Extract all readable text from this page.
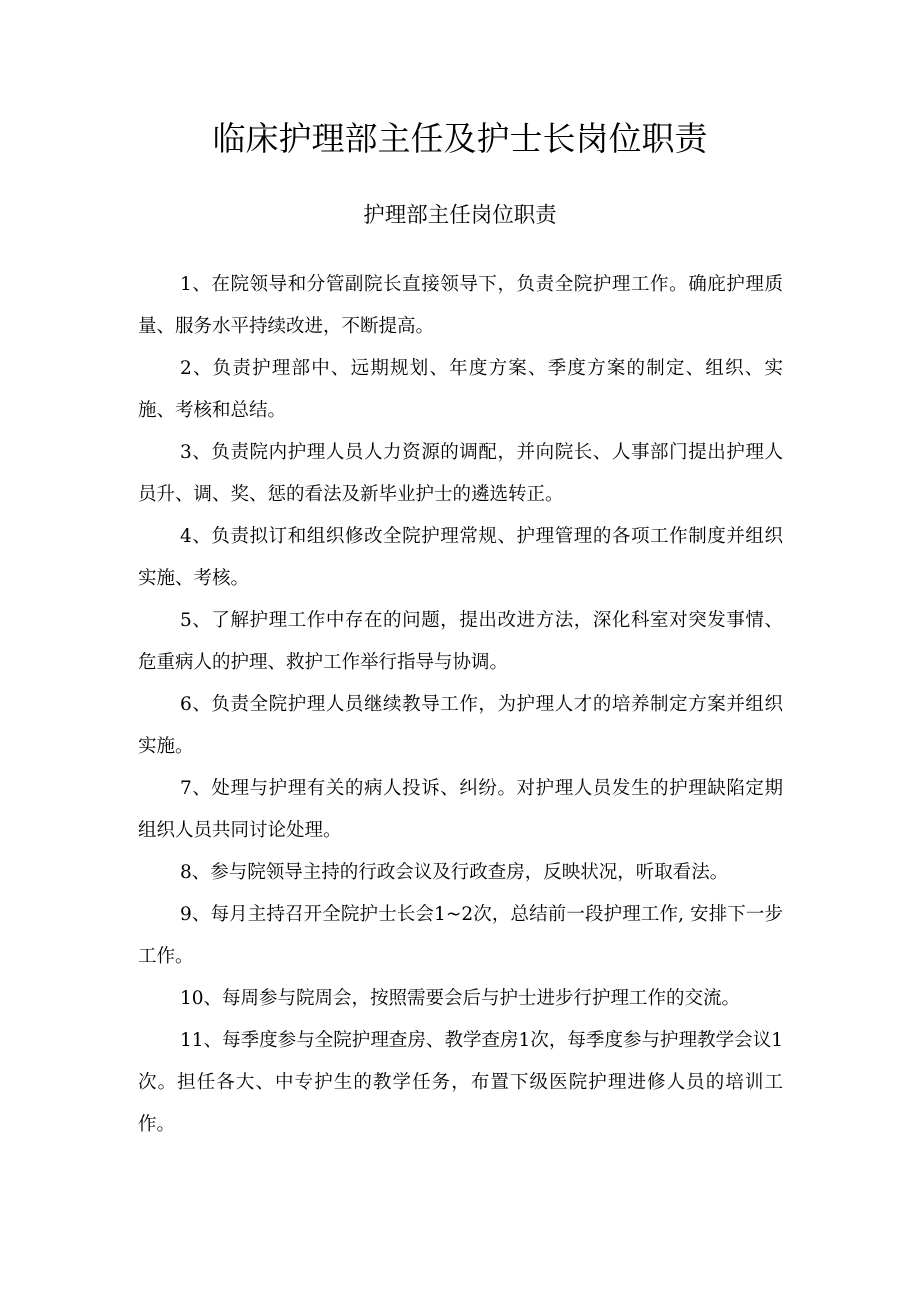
临床护理部主任及护士长岗位职责
护理部主任岗位职责

1、在院领导和分管副院长直接领导下，负责全院护理工作。确庇护理质量、服务水平持续改进，不断提高。

2、负责护理部中、远期规划、年度方案、季度方案的制定、组织、实施、考核和总结。

3、负责院内护理人员人力资源的调配，并向院长、人事部门提出护理人员升、调、奖、惩的看法及新毕业护士的遴选转正。

4、负责拟订和组织修改全院护理常规、护理管理的各项工作制度并组织实施、考核。

5、了解护理工作中存在的问题，提出改进方法，深化科室对突发事情、危重病人的护理、救护工作举行指导与协调。

6、负责全院护理人员继续教导工作，为护理人才的培养制定方案并组织实施。

7、处理与护理有关的病人投诉、纠纷。对护理人员发生的护理缺陷定期组织人员共同讨论处理。

8、参与院领导主持的行政会议及行政查房，反映状况，听取看法。

9、每月主持召开全院护士长会1~2次，总结前一段护理工作, 安排下一步工作。

10、每周参与院周会，按照需要会后与护士进步行护理工作的交流。

11、每季度参与全院护理查房、教学查房1次，每季度参与护理教学会议1次。担任各大、中专护生的教学任务，布置下级医院护理进修人员的培训工作。
